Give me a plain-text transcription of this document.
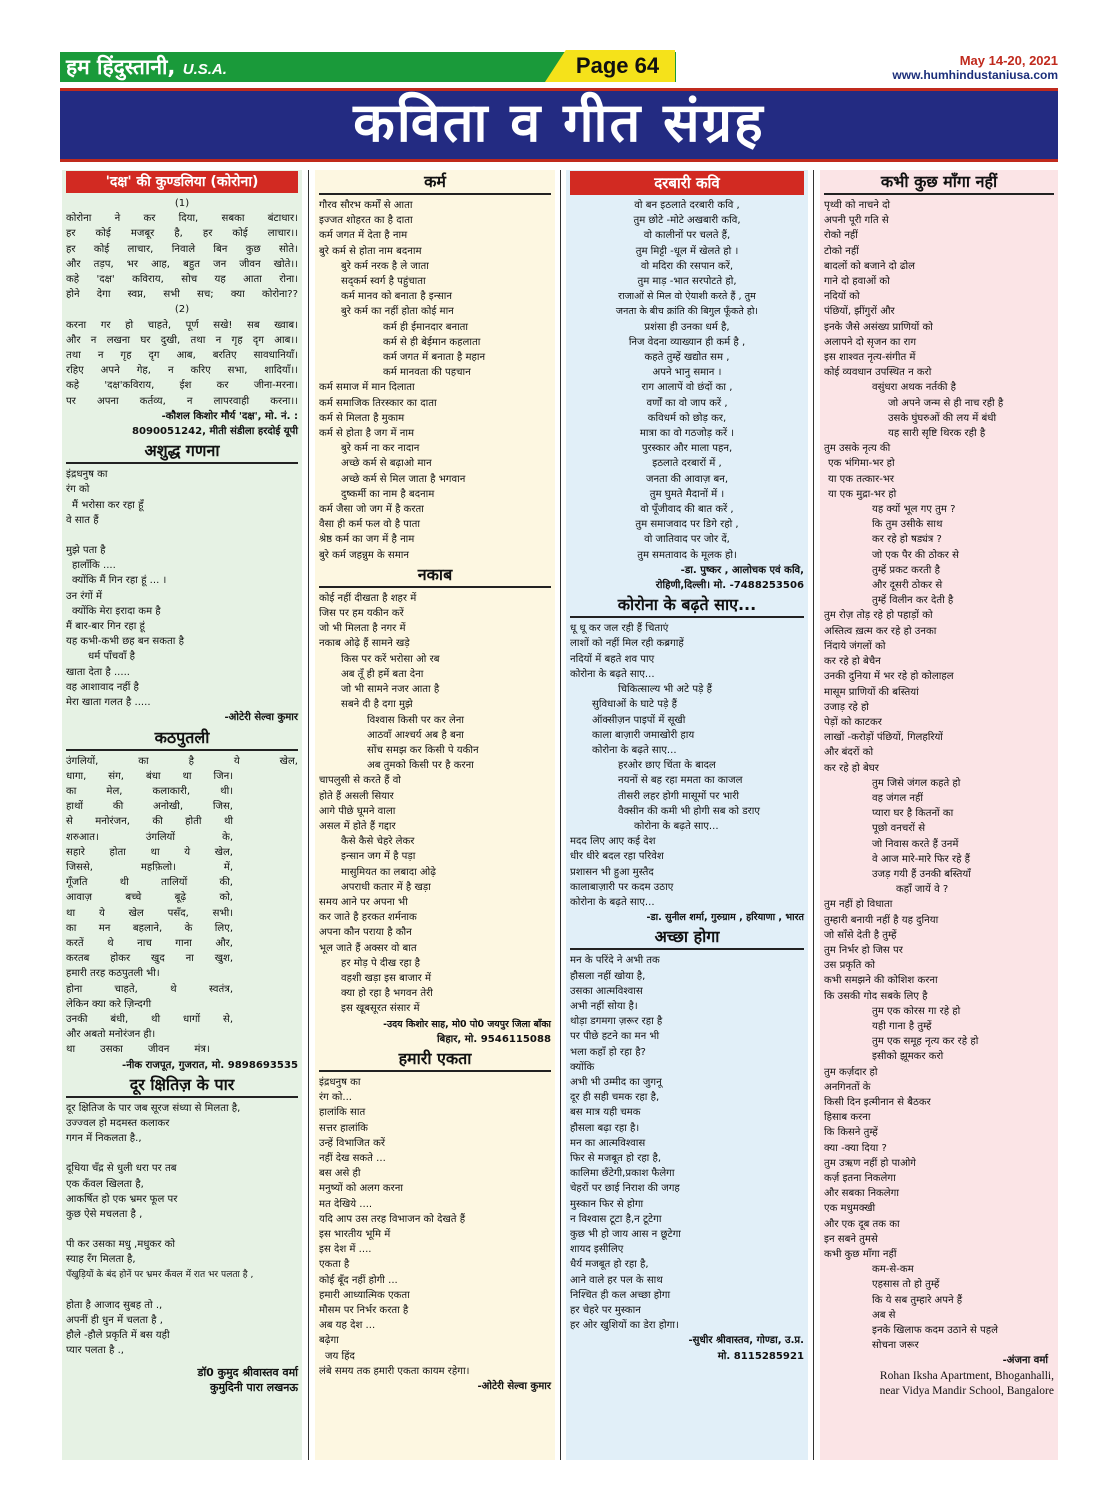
हम हिंदुस्तानी, U.S.A.	Page 64	May 14-20, 2021
www.humhindustaniusa.com
कविता व गीत संग्रह
'दक्ष' की कुण्डलिया (कोरोना)
(1)
कोरोना ने कर दिया, सबका बंटाधार।
हर कोई मजबूर है, हर कोई लाचार।।
हर कोई लाचार, निवाले बिन कुछ सोते।
और तड़प, भर आह, बहुत जन जीवन खोते।।
कहे 'दक्ष' कविराय, सोच यह आता रोना।
होने देगा स्वप्न, सभी सच; क्या कोरोना??
(2)
करना गर हो चाहते, पूर्ण सखे! सब ख्वाब।
और न लखना घर दुखी, तथा न गृह दृग आब।।
तथा न गृह दृग आब, बरतिए सावधानियाँ।
रहिए अपने गेह, न करिए सभा, शादियाँ।।
कहे 'दक्ष'कविराय, ईश कर जीना-मरना।
पर अपना कर्तव्य, न लापरवाही करना।।
-कौशल किशोर मौर्य 'दक्ष', मो. नं. :
8090051242, मीती संडीला हरदोई यूपी
अशुद्ध गणना
इंद्रधनुष का
रंग को
मैं भरोसा कर रहा हूँ
वे सात हैं
मुझे पता है
हालाँकि ....
क्योंकि मैं गिन रहा हूं ... ।
उन रंगों में
क्योंकि मेरा इरादा कम है
मैं बार-बार गिन रहा हूं
यह कभी-कभी छह बन सकता है
धर्म पाँचवाँ है
खाता देता है .....
वह आशावाद नहीं है
मेरा खाता गलत है .....
-ओटेरी सेल्वा कुमार
कठपुतली
उंगलियों, का है ये खेल,
धागा, संग, बंधा था जिन।
का मेल, कलाकारी, थी।
हाथों की अनोखी, जिस,
से मनोरंजन, की होती थी
शरुआत। उंगलियों के,
सहारे होता था ये खेल,
जिससे, महफ़िलो। में,
गूँजति थी तालियों की,
आवाज़ बच्चे बूढ़े को,
था ये खेल पसँद, सभी।
का मन बहलाने, के लिए,
करतें थे नाच गाना और,
करतब होकर खुद ना खुश,
हमारी तरह कठपुतली भी।
होना चाहते, थे स्वतंत्र,
लेकिन क्या करे ज़िन्दगी
उनकी बंधी, थी धागों से,
और अबतो मनोरंजन ही।
था उसका जीवन मंत्र।
-नीक राजपूत, गुजरात, मो. 9898693535
दूर क्षितिज़ के पार
दूर क्षितिज के पार जब सूरज संध्या से मिलता है,
उज्ज्वल हो मदमस्त कलाकर
गगन में निकलता है.,
दूधिया चँद्र से धुली धरा पर तब
एक कँवल खिलता है,
आकर्षित हो एक भ्रमर फूल पर
कुछ ऐसे मचलता है ,
पी कर उसका मधु ,मधुकर को
स्याह रँग मिलता है,
पँखुड़ियों के बंद होनें पर भ्रमर कँवल में रात भर पलता है ,
होता है आजाद सुबह तो .,
अपनीं ही धुन में चलता है ,
हौले -हौले प्रकृति में बस यही
प्यार पलता है .,
डॉ0 कुमुद श्रीवास्तव वर्मा
कुमुदिनी पारा लखनऊ
कर्म
गौरव सौरभ कर्मों से आता
इज्जत शोहरत का है दाता
कर्म जगत में देता है नाम
बुरे कर्म से होता नाम बदनाम
बुरे कर्म नरक है ले जाता
सद्कर्म स्वर्ग है पहुंचाता
कर्म मानव को बनाता है इन्सान
बुरे कर्म का नहीं होता कोई मान
कर्म ही ईमानदार बनाता
कर्म से ही बेईमान कहलाता
कर्म जगत में बनाता है महान
कर्म मानवता की पहचान
कर्म समाज में मान दिलाता
कर्म समाजिक तिरस्कार का दाता
कर्म से मिलता है मुकाम
कर्म से होता है जग में नाम
बुरे कर्म ना कर नादान
अच्छे कर्म से बढ़ाओ मान
अच्छे कर्म से मिल जाता है भगवान
दुष्कर्मी का नाम है बदनाम
कर्म जैसा जो जग में है करता
वैसा ही कर्म फल वो है पाता
श्रेष्ठ कर्म का जग में है नाम
बुरे कर्म जहन्नुम के समान
नकाब
कोई नहीं दीखता है शहर में
जिस पर हम यकीन करें
जो भी मिलता है नगर में
नकाब ओढ़े हैं सामने खड़े
किस पर करें भरोसा ओ रब
अब तूँ ही हमें बता देना
जो भी सामने नजर आता है
सबने दी है दगा मुझे
विश्वास किसी पर कर लेना
आठवाँ आश्चर्य अब है बना
सोंच समझ कर किसी पे यकीन
अब तुमको किसी पर है करना
चापलुसी से करते हैं वो
होते हैं असली सियार
आगे पीछे घूमने वाला
असल में होते हैं गद्दार
कैसे कैसे चेहरे लेकर
इन्सान जग में है पड़ा
मासुमियत का लबादा ओढ़े
अपराधी कतार में है खड़ा
समय आने पर अपना भी
कर जाते है हरकत शर्मनाक
अपना कौन पराया है कौन
भूल जाते हैं अक्सर वो बात
हर मोड़ पे दीख रहा है
वहशी खड़ा इस बाजार में
क्या हो रहा है भगवन तेरी
इस खूबसूरत संसार में
-उदय किशोर साह, मो0 पो0 जयपुर जिला बाँका
बिहार, मो. 9546115088
हमारी एकता
इंद्रधनुष का
रंग को...
हालांकि सात
सत्तर हालांकि
उन्हें विभाजित करें
नहीं देख सकते ...
बस असे ही
मनुष्यों को अलग करना
मत देखिये ....
यदि आप उस तरह विभाजन को देखते हैं
इस भारतीय भूमि में
इस देश में ....
एकता है
कोई बूँद नहीं होगी ...
हमारी आध्यात्मिक एकता
मौसम पर निर्भर करता है
अब यह देश ...
बढ़ेगा
जय हिंद
लंबे समय तक हमारी एकता कायम रहेगा।
-ओटेरी सेल्वा कुमार
दरबारी कवि
वो बन इठलाते दरबारी कवि ,
तुम छोटे -मोटे अखबारी कवि,
वो कालीनों पर चलते हैं,
तुम मिट्टी -धूल में खेलते हो ।
वो मदिरा की रसपान करें,
तुम माड़ -भात सरपोटते हो,
राजाओं से मिल वो ऐयाशी करते हैं , तुम
जनता के बीच क्रांति की बिगुल फूँकते हो।
प्रशंसा ही उनका धर्म है,
निज वेदना व्याख्यान ही कर्म है ,
कहते तुम्हें खद्योत सम ,
अपने भानु समान ।
राग आलापें वो छंदों का ,
वर्णों का वो जाप करें ,
कविधर्म को छोड़ कर,
मात्रा का वो गठजोड़ करें ।
पुरस्कार और माला पहन,
इठलाते दरबारों में ,
जनता की आवाज़ बन,
तुम घुमते मैदानों में ।
वो पूँजीवाद की बात करें ,
तुम समाजवाद पर डिगे रहो ,
वो जातिवाद पर जोर दें,
तुम समतावाद के मूलक हो।
-डा. पुष्कर , आलोचक एवं कवि,
रोहिणी,दिल्ली। मो. -7488253506
कोरोना के बढ़ते साए...
धू धू कर जल रही हैं चिताएं
लाशों को नहीं मिल रही कब्रगाहें
नदियों में बहते शव पाए
कोरोना के बढ़ते साए...
चिकित्साल्य भी अटे पड़े हैं
सुविधाओं के घाटे पड़े हैं
ऑक्सीज़न पाइपों में सूखी
काला बाज़ारी जमाखोरी हाय
कोरोना के बढ़ते साए...
हरओर छाए चिंता के बादल
नयनों से बह रहा ममता का काजल
तीसरी लहर होगी मासूमों पर भारी
वैक्सीन की कमी भी होगी सब को डराए
कोरोना के बढ़ते साए...
मदद लिए आए कई देश
धीर धीरे बदल रहा परिवेश
प्रशासन भी हुआ मुस्तैद
कालाबाज़ारी पर कदम उठाए
कोरोना के बढ़ते साए...
-डा. सुनील शर्मा, गुरुग्राम , हरियाणा , भारत
अच्छा होगा
मन के परिंदे ने अभी तक
हौसला नहीं खोया है,
उसका आत्मविश्वास
अभी नहीं सोया है।
थोड़ा डगमगा ज़रूर रहा है
पर पीछे हटने का मन भी
भला कहाँ हो रहा है?
क्योंकि
अभी भी उम्मीद का जुगनू
दूर ही सही चमक रहा है,
बस मात्र यही चमक
हौसला बढ़ा रहा है।
मन का आत्मविश्वास
फिर से मजबूत हो रहा है,
कालिमा छँटेगी,प्रकाश फैलेगा
चेहरों पर छाई निराश की जगह
मुस्कान फिर से होगा
न विश्वास टूटा है,न टूटेगा
कुछ भी हो जाय आस न छूटेगा
शायद इसीलिए
धैर्य मजबूत हो रहा है,
आने वाले हर पल के साथ
निश्चित ही कल अच्छा होगा
हर चेहरे पर मुस्कान
हर ओर खुशियों का डेरा होगा।
-सुधीर श्रीवास्तव, गोण्डा, उ.प्र.
मो. 8115285921
कभी कुछ माँगा नहीं
पृथ्वी को नाचने दो
अपनी पूरी गति से
रोको नहीं
टोको नहीं
बादलों को बजाने दो ढोल
गाने दो हवाओं को
नदियों को
पंछियों, झींगुरों और
इनके जैसे असंख्य प्राणियों को
अलापने दो सृजन का राग
इस शाश्वत नृत्य-संगीत में
कोई व्यवधान उपस्थित न करो
वसुंधरा अथक नर्तकी है
जो अपने जन्म से ही नाच रही है
उसके घुंघरुओं की लय में बंधी
यह सारी सृष्टि थिरक रही है
तुम उसके नृत्य की
एक भंगिमा-भर हो
या एक तत्कार-भर
या एक मुद्रा-भर हो
यह क्यों भूल गए तुम ?
कि तुम उसीके साथ
कर रहे हो षड्यंत्र ?
जो एक पैर की ठोकर से
तुम्हें प्रकट करती है
और दूसरी ठोकर से
तुम्हें विलीन कर देती है
तुम रोज़ तोड़ रहे हो पहाड़ों को
अस्तित्व ख़त्म कर रहे हो उनका
निंदाये जंगलों को
कर रहे हो बेचैन
उनकी दुनिया में भर रहे हो कोलाहल
मासूम प्राणियों की बस्तियां
उजाड़ रहे हो
पेड़ों को काटकर
लाखों -करोड़ों पंछियों, गिलहरियों
और बंदरों को
कर रहे हो बेघर
तुम जिसे जंगल कहते हो
वह जंगल नहीं
प्यारा घर है कितनों का
पूछो वनचरों से
जो निवास करते हैं उनमें
वे आज मारे-मारे फिर रहे हैं
उजड़ गयी हैं उनकी बस्तियाँ
कहाँ जायें वे ?
तुम नहीं हो विधाता
तुम्हारी बनायी नहीं है यह दुनिया
जो साँसे देती है तुम्हें
तुम निर्भर हो जिस पर
उस प्रकृति को
कभी समझने की कोशिश करना
कि उसकी गोद सबके लिए है
तुम एक कोरस गा रहे हो
यही गाना है तुम्हें
तुम एक समूह नृत्य कर रहे हो
इसीको झूमकर करो
तुम कर्ज़दार हो
अनगिनतों के
किसी दिन इत्मीनान से बैठकर
हिसाब करना
कि किसने तुम्हें
क्या -क्या दिया ?
तुम उऋण नहीं हो पाओगे
कर्ज़ इतना निकलेगा
और सबका निकलेगा
एक मधुमक्खी
और एक दूब तक का
इन सबने तुमसे
कभी कुछ माँगा नहीं
कम-से-कम
एहसास तो हो तुम्हें
कि ये सब तुम्हारे अपने हैं
अब से
इनके खिलाफ कदम उठाने से पहले
सोचना जरूर
-अंजना वर्मा
Rohan Iksha Apartment, Bhoganhalli,
near Vidya Mandir School, Bangalore
